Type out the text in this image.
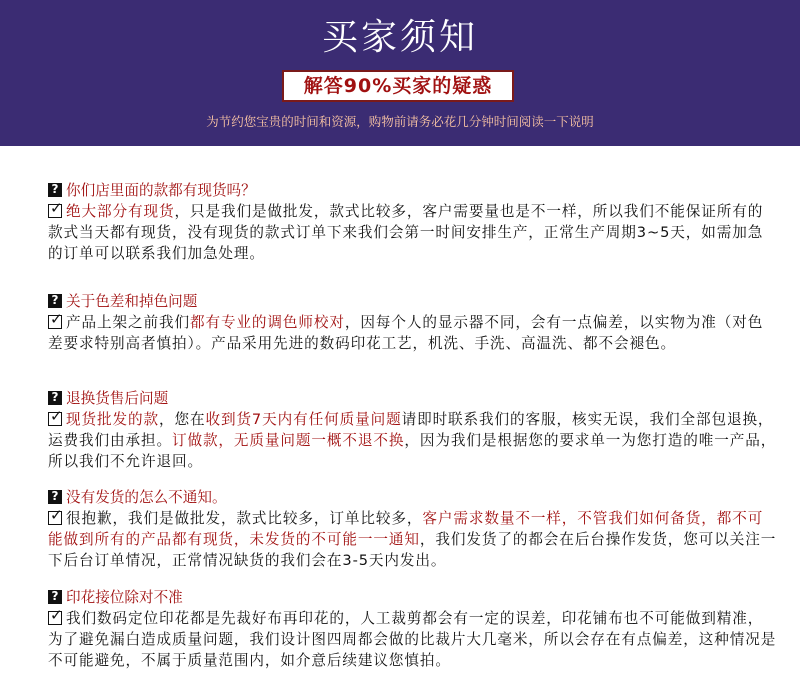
买家须知
解答90%买家的疑惑
为节约您宝贵的时间和资源，购物前请务必花几分钟时间阅读一下说明
?你们店里面的款都有现货吗？
✓绝大部分有现货，只是我们是做批发，款式比较多，客户需要量也是不一样，所以我们不能保证所有的款式当天都有现货，没有现货的款式订单下来我们会第一时间安排生产，正常生产周期3~5天，如需加急的订单可以联系我们加急处理。
?关于色差和掉色问题
✓产品上架之前我们都有专业的调色师校对，因每个人的显示器不同，会有一点偏差，以实物为准（对色差要求特别高者慎拍）。产品采用先进的数码印花工艺，机洗、手洗、高温洗、都不会褪色。
?退换货售后问题
✓现货批发的款，您在收到货7天内有任何质量问题请即时联系我们的客服，核实无误，我们全部包退换，运费我们由承担。订做款，无质量问题一概不退不换，因为我们是根据您的要求单一为您打造的唯一产品，所以我们不允许退回。
?没有发货的怎么不通知。
✓很抱歉，我们是做批发，款式比较多，订单比较多，客户需求数量不一样，不管我们如何备货，都不可能做到所有的产品都有现货，未发货的不可能一一通知，我们发货了的都会在后台操作发货，您可以关注一下后台订单情况，正常情况缺货的我们会在3-5天内发出。
?印花接位除对不准
✓我们数码定位印花都是先裁好布再印花的，人工裁剪都会有一定的误差，印花铺布也不可能做到精准，为了避免漏白造成质量问题，我们设计图四周都会做的比裁片大几毫米，所以会存在有点偏差，这种情况是不可能避免，不属于质量范围内，如介意后续建议您慎拍。
